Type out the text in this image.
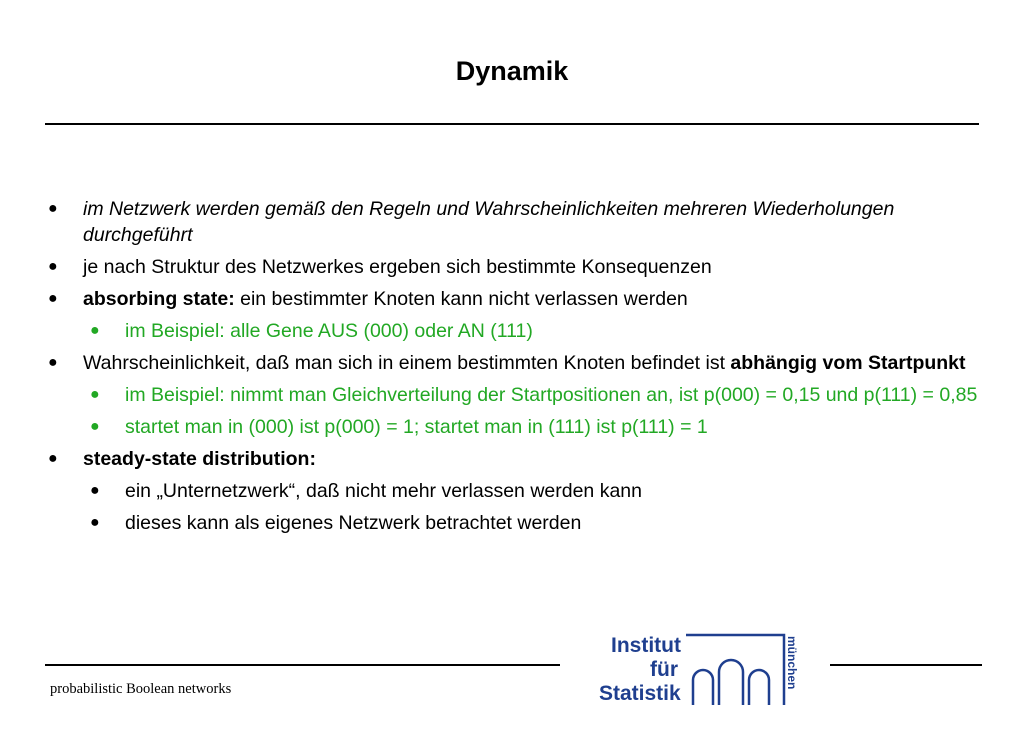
Dynamik
● im Netzwerk werden gemäß den Regeln und Wahrscheinlichkeiten mehreren Wiederholungen durchgeführt
● je nach Struktur des Netzwerkes ergeben sich bestimmte Konsequenzen
● absorbing state: ein bestimmter Knoten kann nicht verlassen werden
● im Beispiel: alle Gene AUS (000) oder AN (111)
● Wahrscheinlichkeit, daß man sich in einem bestimmten Knoten befindet ist abhängig vom Startpunkt
● im Beispiel: nimmt man Gleichverteilung der Startpositionen an, ist p(000) = 0,15 und p(111) = 0,85
● startet man in (000) ist p(000) = 1; startet man in (111) ist p(111) = 1
● steady-state distribution:
● ein „Unternetzwerk“, daß nicht mehr verlassen werden kann
● dieses kann als eigenes Netzwerk betrachtet werden
probabilistic Boolean networks
Institut
für
Statistik
münchen
